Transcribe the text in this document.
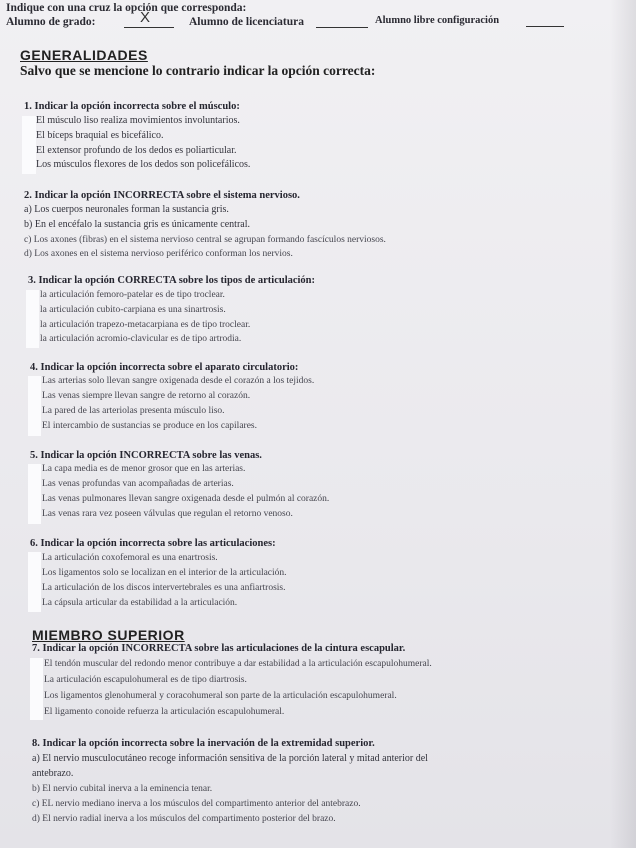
Indique con una cruz la opción que corresponda:
Alumno de grado:	X	Alumno de licenciatura	Alumno libre configuración
GENERALIDADES
Salvo que se mencione lo contrario indicar la opción correcta:
1. Indicar la opción incorrecta sobre el músculo:
El músculo liso realiza movimientos involuntarios.
El bíceps braquial es bicefálico.
El extensor profundo de los dedos es poliarticular.
Los músculos flexores de los dedos son policefálicos.
2. Indicar la opción INCORRECTA sobre el sistema nervioso.
a) Los cuerpos neuronales forman la sustancia gris.
b) En el encéfalo la sustancia gris es únicamente central.
c) Los axones (fibras) en el sistema nervioso central se agrupan formando fascículos nerviosos.
d) Los axones en el sistema nervioso periférico conforman los nervios.
3. Indicar la opción CORRECTA sobre los tipos de articulación:
la articulación femoro-patelar es de tipo troclear.
la articulación cubito-carpiana es una sinartrosis.
la articulación trapezo-metacarpiana es de tipo troclear.
la articulación acromio-clavicular es de tipo artrodia.
4. Indicar la opción incorrecta sobre el aparato circulatorio:
Las arterias solo llevan sangre oxigenada desde el corazón a los tejidos.
Las venas siempre llevan sangre de retorno al corazón.
La pared de las arteriolas presenta músculo liso.
El intercambio de sustancias se produce en los capilares.
5. Indicar la opción INCORRECTA sobre las venas.
La capa media es de menor grosor que en las arterias.
Las venas profundas van acompañadas de arterias.
Las venas pulmonares llevan sangre oxigenada desde el pulmón al corazón.
Las venas rara vez poseen válvulas que regulan el retorno venoso.
6. Indicar la opción incorrecta sobre las articulaciones:
La articulación coxofemoral es una enartrosis.
Los ligamentos solo se localizan en el interior de la articulación.
La articulación de los discos intervertebrales es una anfiartrosis.
La cápsula articular da estabilidad a la articulación.
MIEMBRO SUPERIOR
7. Indicar la opción INCORRECTA sobre las articulaciones de la cintura escapular.
El tendón muscular del redondo menor contribuye a dar estabilidad a la articulación escapulohumeral.
La articulación escapulohumeral es de tipo diartrosis.
Los ligamentos glenohumeral y coracohumeral son parte de la articulación escapulohumeral.
El ligamento conoide refuerza la articulación escapulohumeral.
8. Indicar la opción incorrecta sobre la inervación de la extremidad superior.
a) El nervio musculocutáneo recoge información sensitiva de la porción lateral y mitad anterior del
antebrazo.
b) El nervio cubital inerva a la eminencia tenar.
c) EL nervio mediano inerva a los músculos del compartimento anterior del antebrazo.
d) El nervio radial inerva a los músculos del compartimento posterior del brazo.
